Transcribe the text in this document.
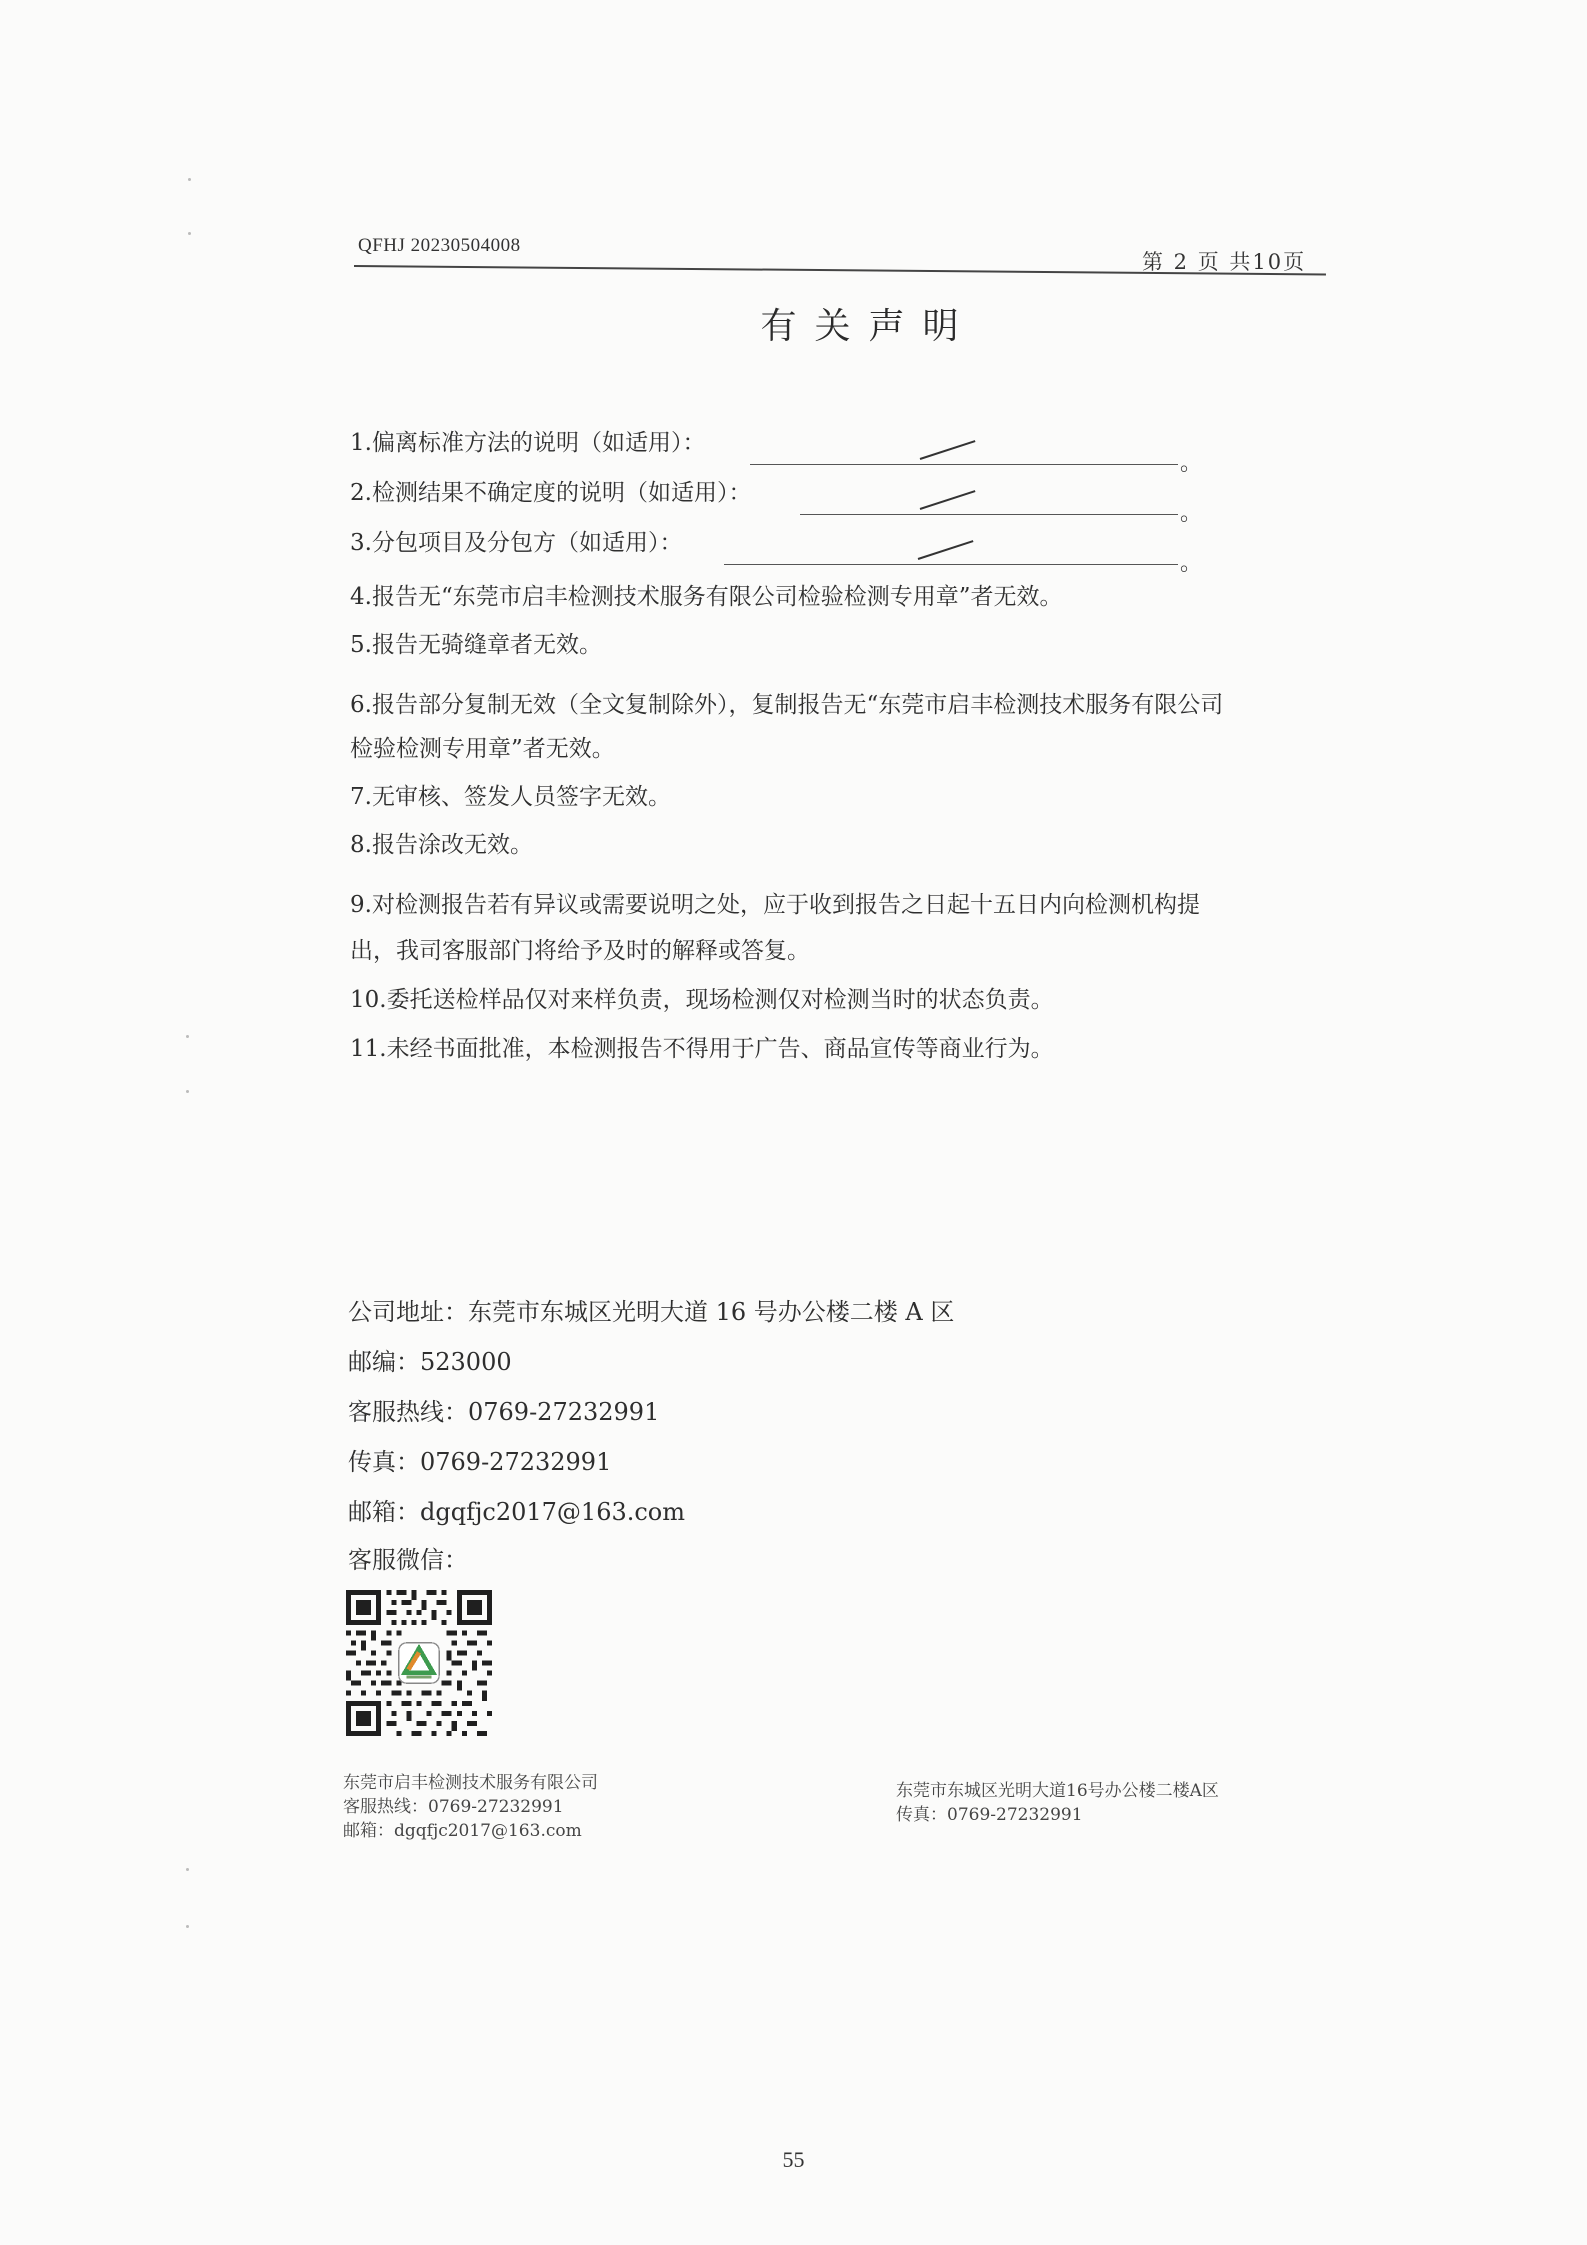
QFHJ 20230504008
第 2 页 共10页
有关声明
1.偏离标准方法的说明（如适用）：
。
2.检测结果不确定度的说明（如适用）：
。
3.分包项目及分包方（如适用）：
。
4.报告无“东莞市启丰检测技术服务有限公司检验检测专用章”者无效。
5.报告无骑缝章者无效。
6.报告部分复制无效（全文复制除外），复制报告无“东莞市启丰检测技术服务有限公司
检验检测专用章”者无效。
7.无审核、签发人员签字无效。
8.报告涂改无效。
9.对检测报告若有异议或需要说明之处，应于收到报告之日起十五日内向检测机构提
出，我司客服部门将给予及时的解释或答复。
10.委托送检样品仅对来样负责，现场检测仅对检测当时的状态负责。
11.未经书面批准，本检测报告不得用于广告、商品宣传等商业行为。
公司地址：东莞市东城区光明大道 16 号办公楼二楼 A 区
邮编：523000
客服热线：0769-27232991
传真：0769-27232991
邮箱：dgqfjc2017@163.com
客服微信：
东莞市启丰检测技术服务有限公司
客服热线：0769-27232991
邮箱：dgqfjc2017@163.com
东莞市东城区光明大道16号办公楼二楼A区
传真：0769-27232991
55
